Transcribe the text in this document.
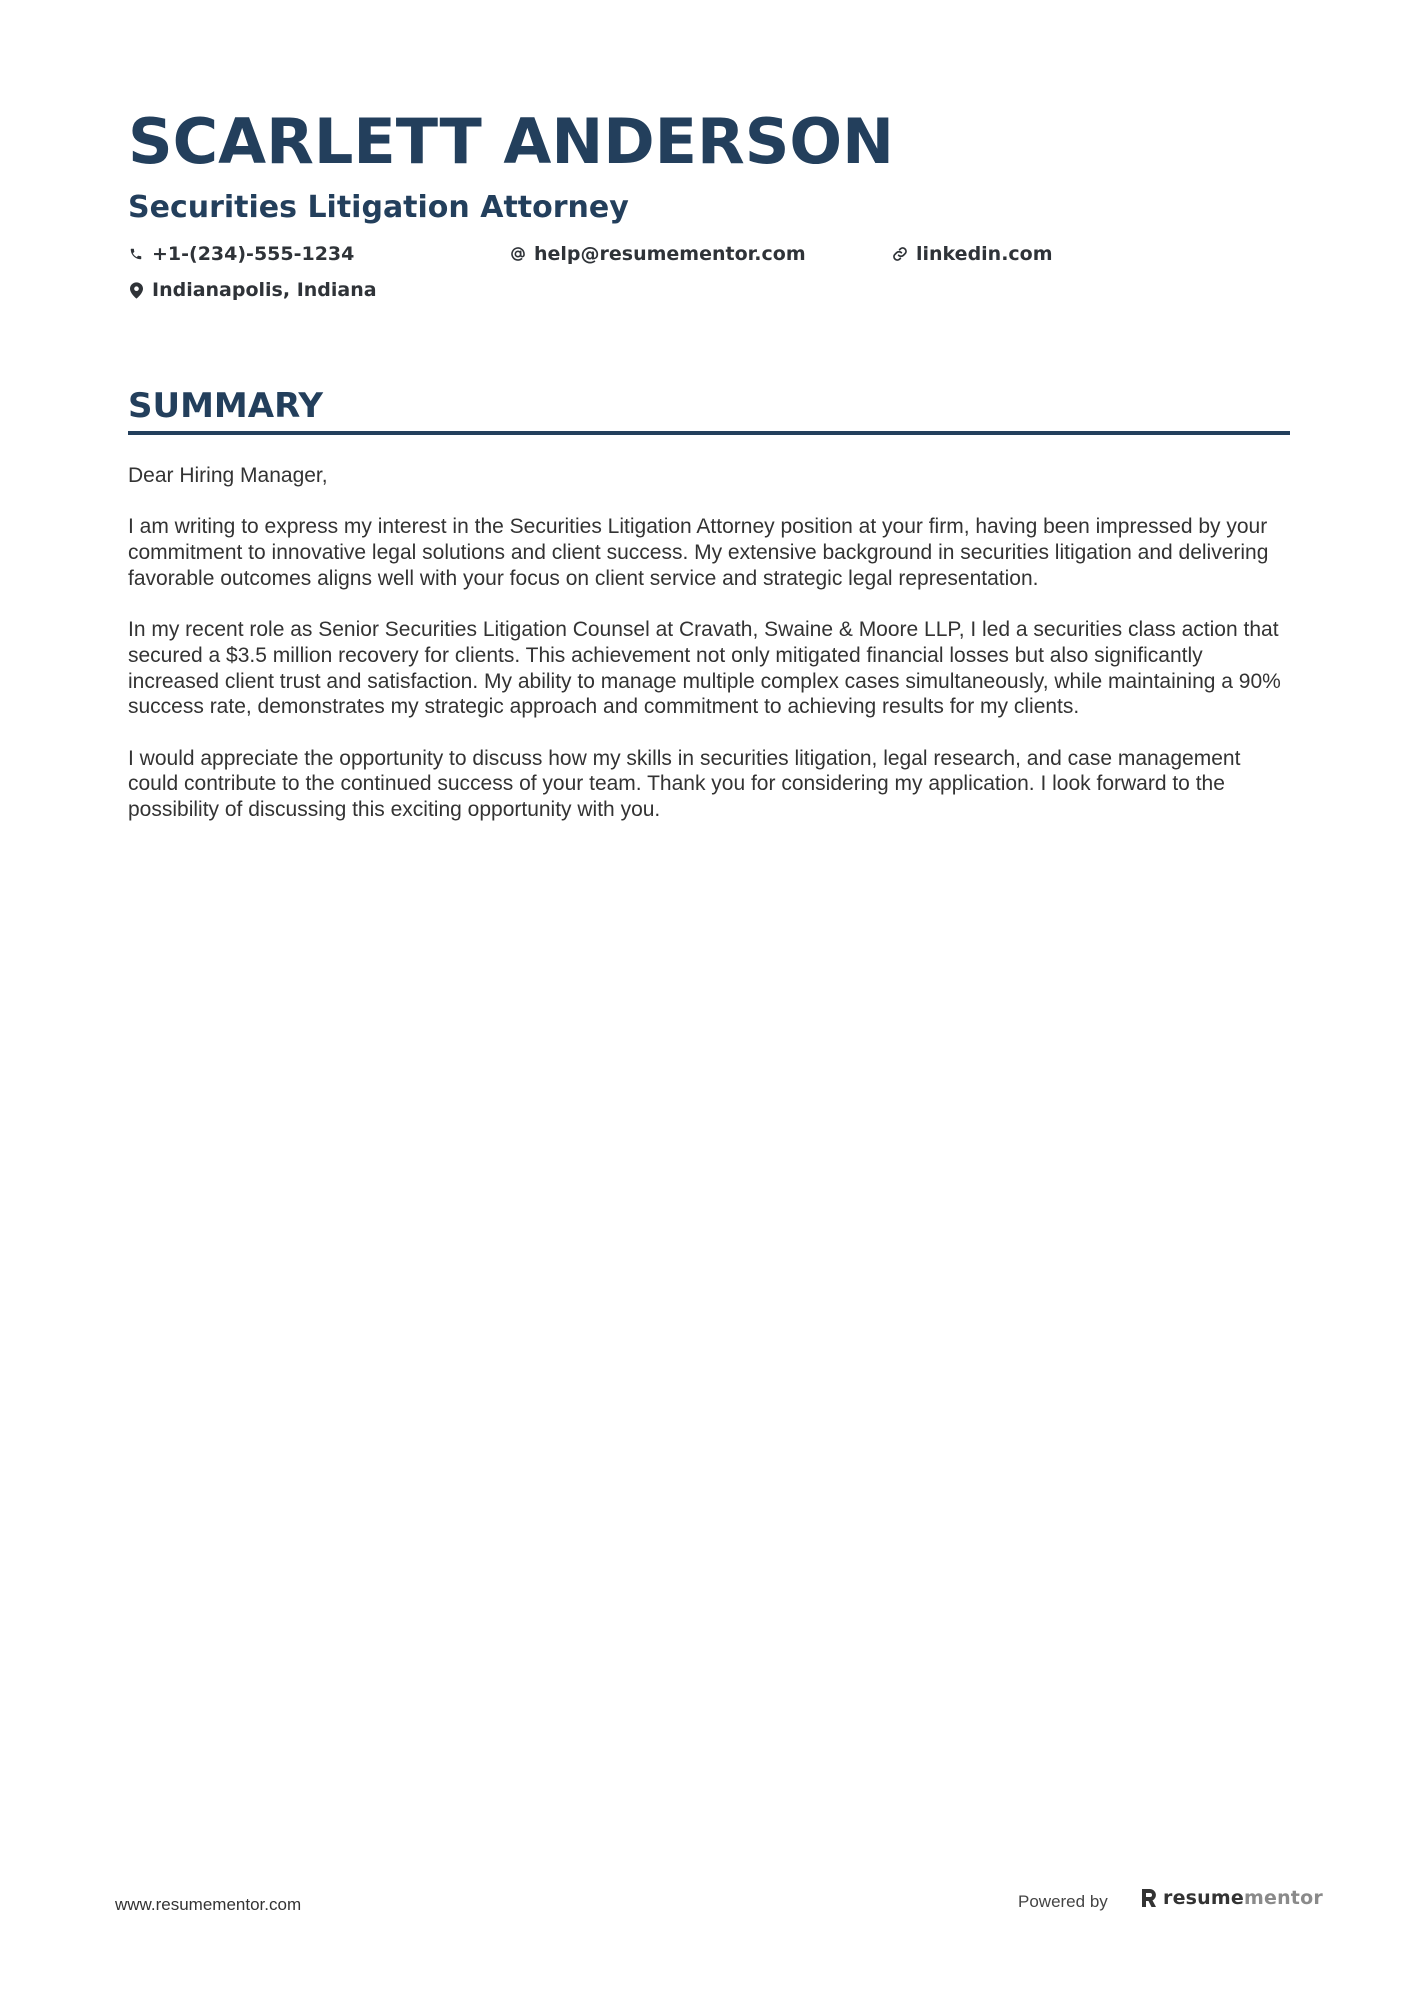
SCARLETT ANDERSON
Securities Litigation Attorney
+1-(234)-555-1234	help@resumementor.com	linkedin.com
Indianapolis, Indiana
SUMMARY

Dear Hiring Manager,

I am writing to express my interest in the Securities Litigation Attorney position at your firm, having been impressed by your commitment to innovative legal solutions and client success. My extensive background in securities litigation and delivering favorable outcomes aligns well with your focus on client service and strategic legal representation.

In my recent role as Senior Securities Litigation Counsel at Cravath, Swaine & Moore LLP, I led a securities class action that secured a $3.5 million recovery for clients. This achievement not only mitigated financial losses but also significantly increased client trust and satisfaction. My ability to manage multiple complex cases simultaneously, while maintaining a 90% success rate, demonstrates my strategic approach and commitment to achieving results for my clients.

I would appreciate the opportunity to discuss how my skills in securities litigation, legal research, and case management could contribute to the continued success of your team. Thank you for considering my application. I look forward to the possibility of discussing this exciting opportunity with you.

www.resumementor.com	Powered by	resumementor
